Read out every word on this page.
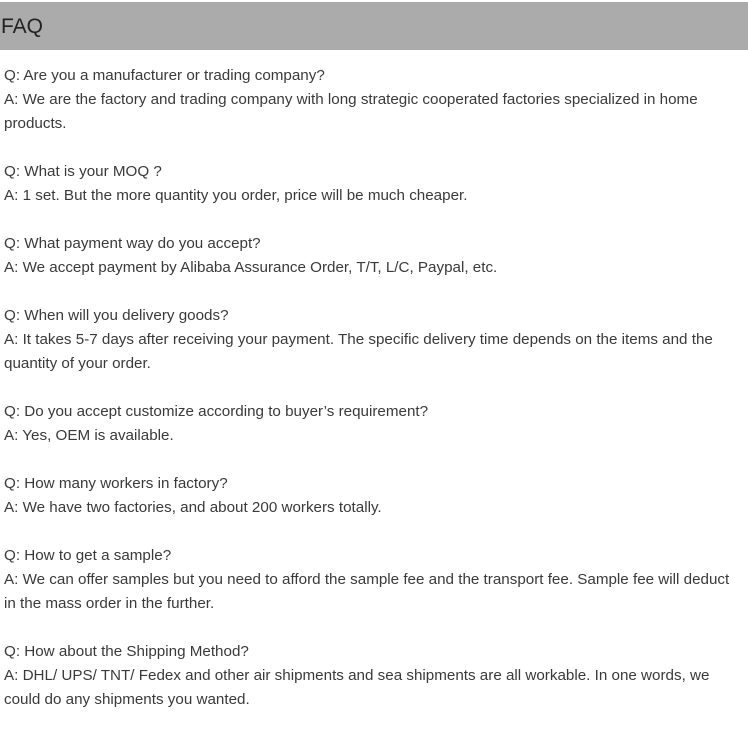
FAQ

Q: Are you a manufacturer or trading company?

A: We are the factory and trading company with long strategic cooperated factories specialized in home products.

Q: What is your MOQ ?

A: 1 set. But the more quantity you order, price will be much cheaper.

Q: What payment way do you accept?

A: We accept payment by Alibaba Assurance Order, T/T, L/C, Paypal, etc.

Q: When will you delivery goods?

A: It takes 5-7 days after receiving your payment. The specific delivery time depends on the items and the quantity of your order.

Q: Do you accept customize according to buyer’s requirement?

A: Yes, OEM is available.

Q: How many workers in factory?

A: We have two factories, and about 200 workers totally.

Q: How to get a sample?

A: We can offer samples but you need to afford the sample fee and the transport fee. Sample fee will deduct in the mass order in the further.

Q: How about the Shipping Method?

A: DHL/ UPS/ TNT/ Fedex and other air shipments and sea shipments are all workable. In one words, we could do any shipments you wanted.
